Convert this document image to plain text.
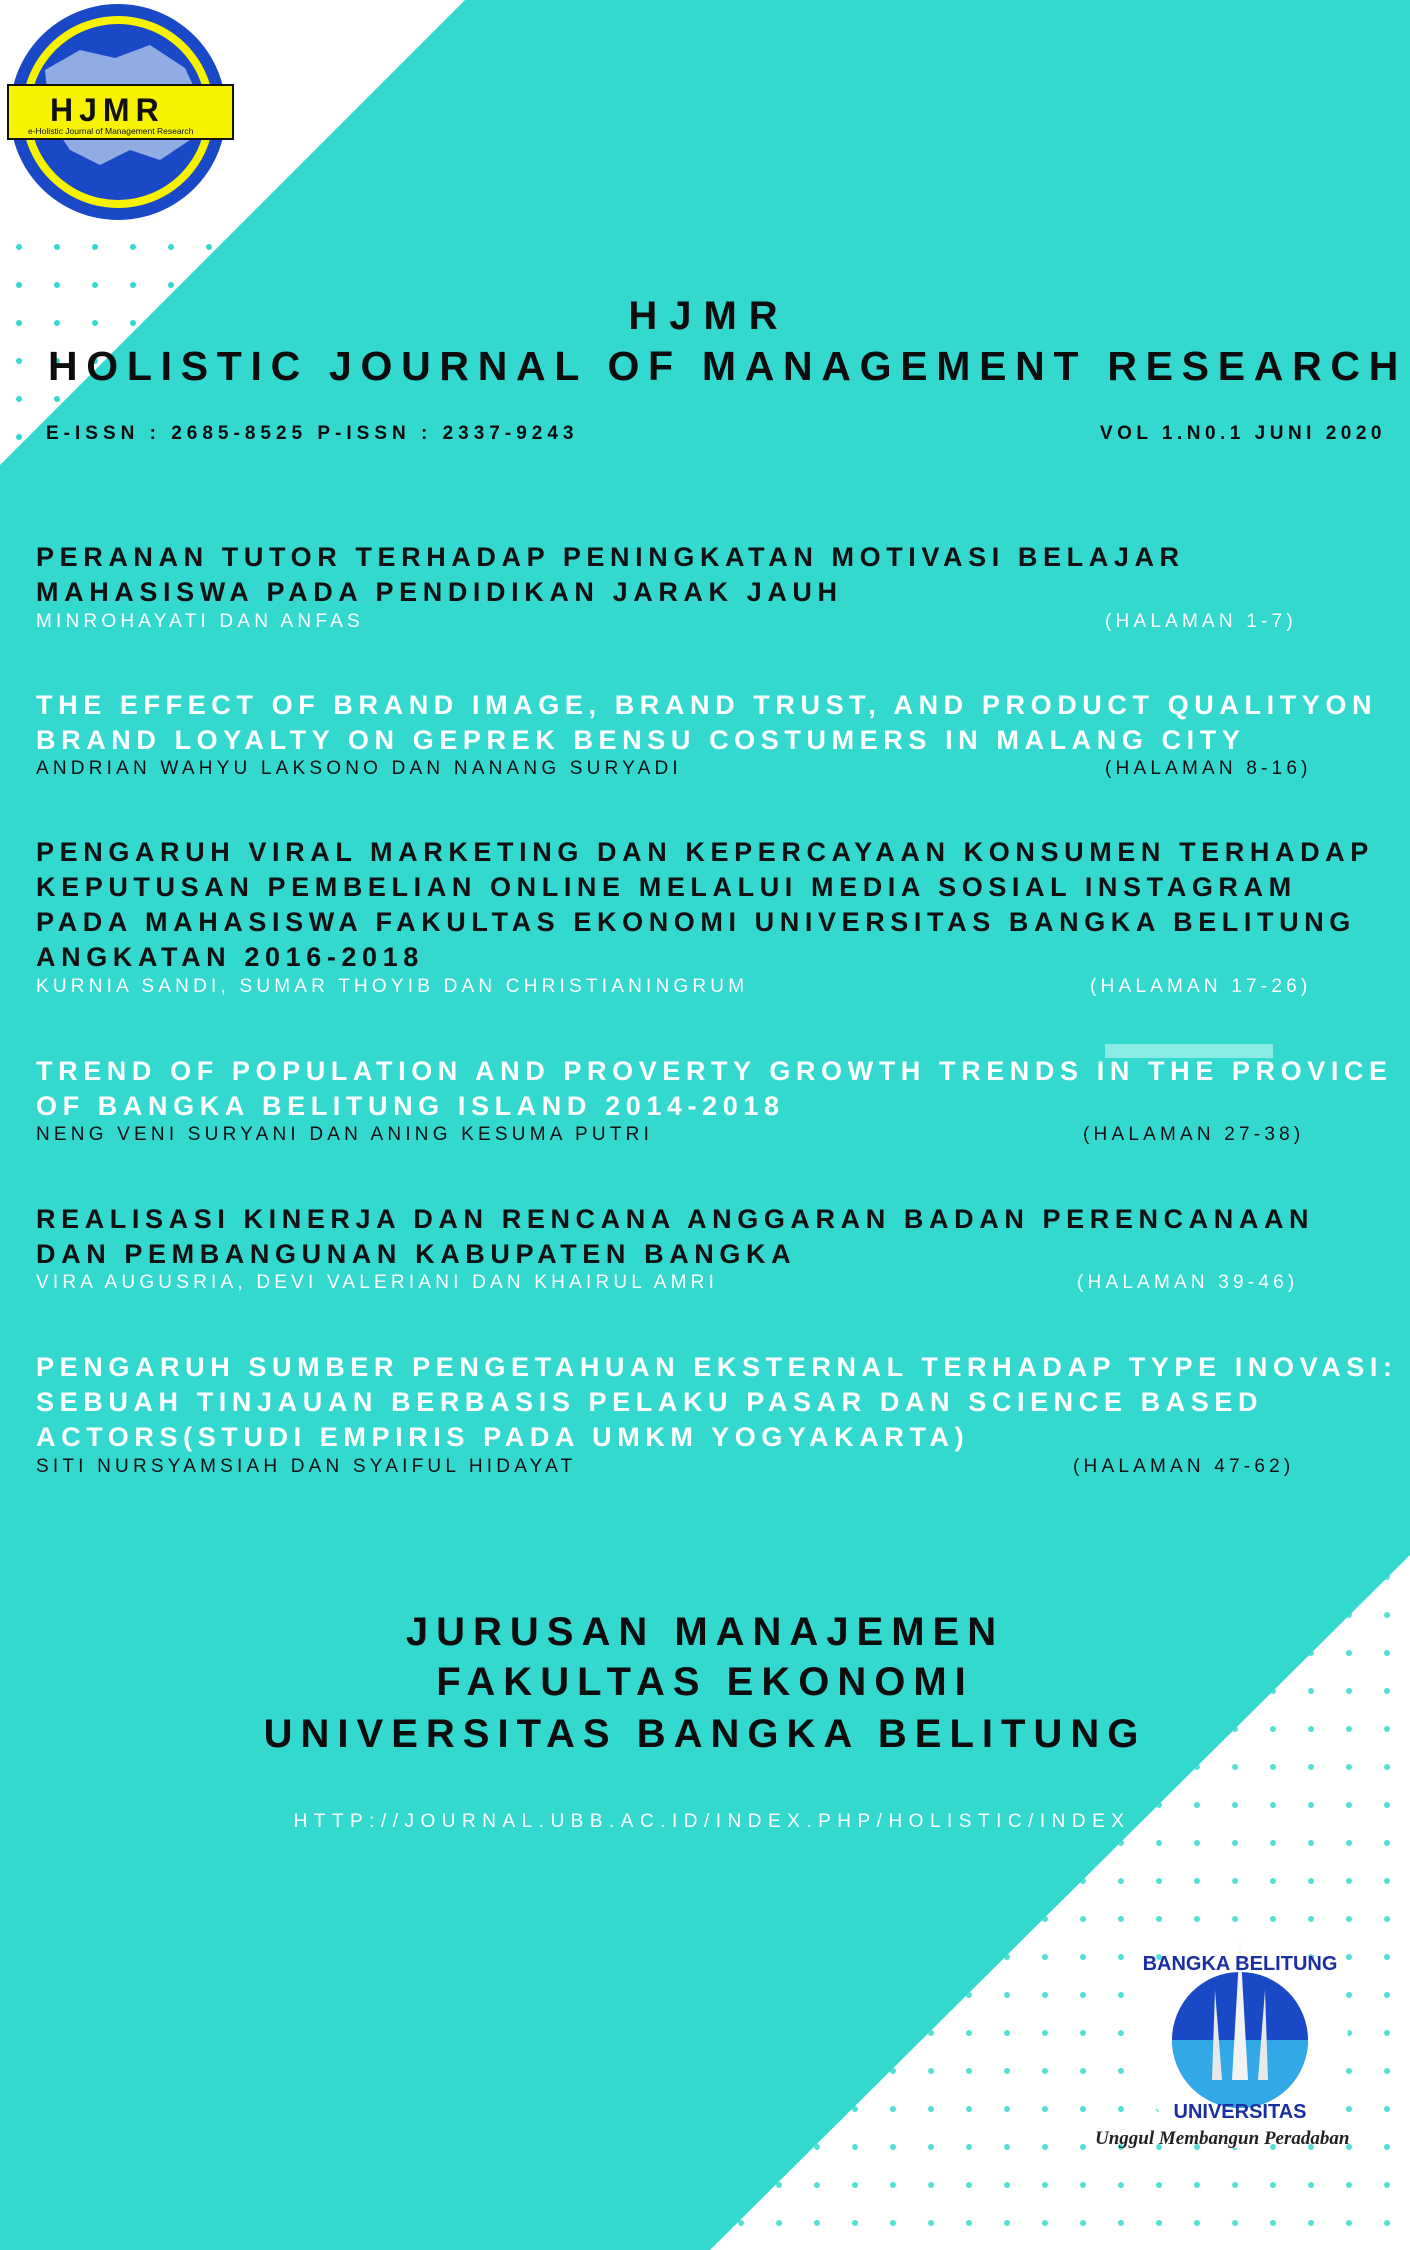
UNIVERSITAS
BANGKA BELITUNG
HJMR
e-Holistic Journal of Management Research
HJMR
HOLISTIC JOURNAL OF MANAGEMENT RESEARCH
E-ISSN : 2685-8525 P-ISSN : 2337-9243	VOL 1.N0.1 JUNI 2020
PERANAN TUTOR TERHADAP PENINGKATAN MOTIVASI BELAJAR
MAHASISWA PADA PENDIDIKAN JARAK JAUH
MINROHAYATI DAN ANFAS	(HALAMAN 1-7)
THE EFFECT OF BRAND IMAGE, BRAND TRUST, AND PRODUCT QUALITYON
BRAND LOYALTY ON GEPREK BENSU COSTUMERS IN MALANG CITY
ANDRIAN WAHYU LAKSONO DAN NANANG SURYADI	(HALAMAN 8-16)
PENGARUH VIRAL MARKETING DAN KEPERCAYAAN KONSUMEN TERHADAP
KEPUTUSAN PEMBELIAN ONLINE MELALUI MEDIA SOSIAL INSTAGRAM
PADA MAHASISWA FAKULTAS EKONOMI UNIVERSITAS BANGKA BELITUNG
ANGKATAN 2016-2018
KURNIA SANDI, SUMAR THOYIB DAN CHRISTIANINGRUM	(HALAMAN 17-26)
TREND OF POPULATION AND PROVERTY GROWTH TRENDS IN THE PROVICE
OF BANGKA BELITUNG ISLAND 2014-2018
NENG VENI SURYANI DAN ANING KESUMA PUTRI	(HALAMAN 27-38)
REALISASI KINERJA DAN RENCANA ANGGARAN BADAN PERENCANAAN
DAN PEMBANGUNAN KABUPATEN BANGKA
VIRA AUGUSRIA, DEVI VALERIANI DAN KHAIRUL AMRI	(HALAMAN 39-46)
PENGARUH SUMBER PENGETAHUAN EKSTERNAL TERHADAP TYPE INOVASI:
SEBUAH TINJAUAN BERBASIS PELAKU PASAR DAN SCIENCE BASED
ACTORS(STUDI EMPIRIS PADA UMKM YOGYAKARTA)
SITI NURSYAMSIAH DAN SYAIFUL HIDAYAT	(HALAMAN 47-62)
JURUSAN MANAJEMEN
FAKULTAS EKONOMI
UNIVERSITAS BANGKA BELITUNG
HTTP://JOURNAL.UBB.AC.ID/INDEX.PHP/HOLISTIC/INDEX
Unggul Membangun Peradaban
